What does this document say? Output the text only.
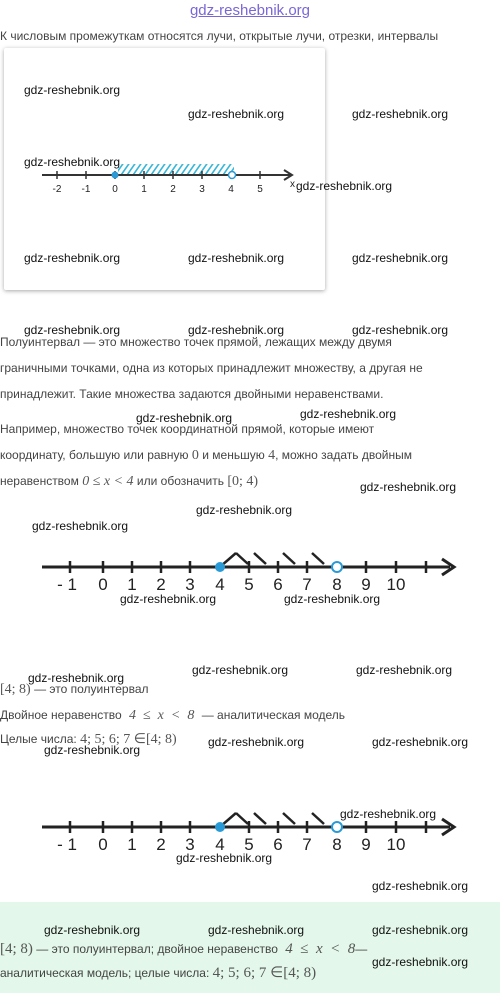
gdz-reshebnik.org
К числовым промежуткам относятся лучи, открытые лучи, отрезки, интервалы
-2 -1 0 1 2 3 4 5	x
Полуинтервал — это множество точек прямой, лежащих между двумя
граничными точками, одна из которых принадлежит множеству, а другая не
принадлежит. Такие множества задаются двойными неравенствами.
Например, множество точек координатной прямой, которые имеют
координату, большую или равную 0 и меньшую 4, можно задать двойным
неравенством 0 ≤ x < 4 или обозначить [0; 4)
- 1 0 1 2 3 4 5 6 7 8 9 10
[4; 8) — это полуинтервал
Двойное неравенство 4  ≤  x  <  8 — аналитическая модель
Целые числа: 4; 5; 6; 7 ∈[4; 8)
- 1 0 1 2 3 4 5 6 7 8 9 10
[4; 8) — это полуинтервал; двойное неравенство 4  ≤  x  <  8—
аналитическая модель; целые числа: 4; 5; 6; 7 ∈[4; 8)
gdz-reshebnik.org
gdz-reshebnik.org	gdz-reshebnik.org
gdz-reshebnik.org
gdz-reshebnik.org
gdz-reshebnik.org	gdz-reshebnik.org	gdz-reshebnik.org
gdz-reshebnik.org	gdz-reshebnik.org	gdz-reshebnik.org
gdz-reshebnik.org	gdz-reshebnik.org
gdz-reshebnik.org
gdz-reshebnik.org
gdz-reshebnik.org
gdz-reshebnik.org	gdz-reshebnik.org
gdz-reshebnik.org	gdz-reshebnik.org
gdz-reshebnik.org
gdz-reshebnik.org	gdz-reshebnik.org
gdz-reshebnik.org
gdz-reshebnik.org
gdz-reshebnik.org
gdz-reshebnik.org
gdz-reshebnik.org	gdz-reshebnik.org	gdz-reshebnik.org
gdz-reshebnik.org
